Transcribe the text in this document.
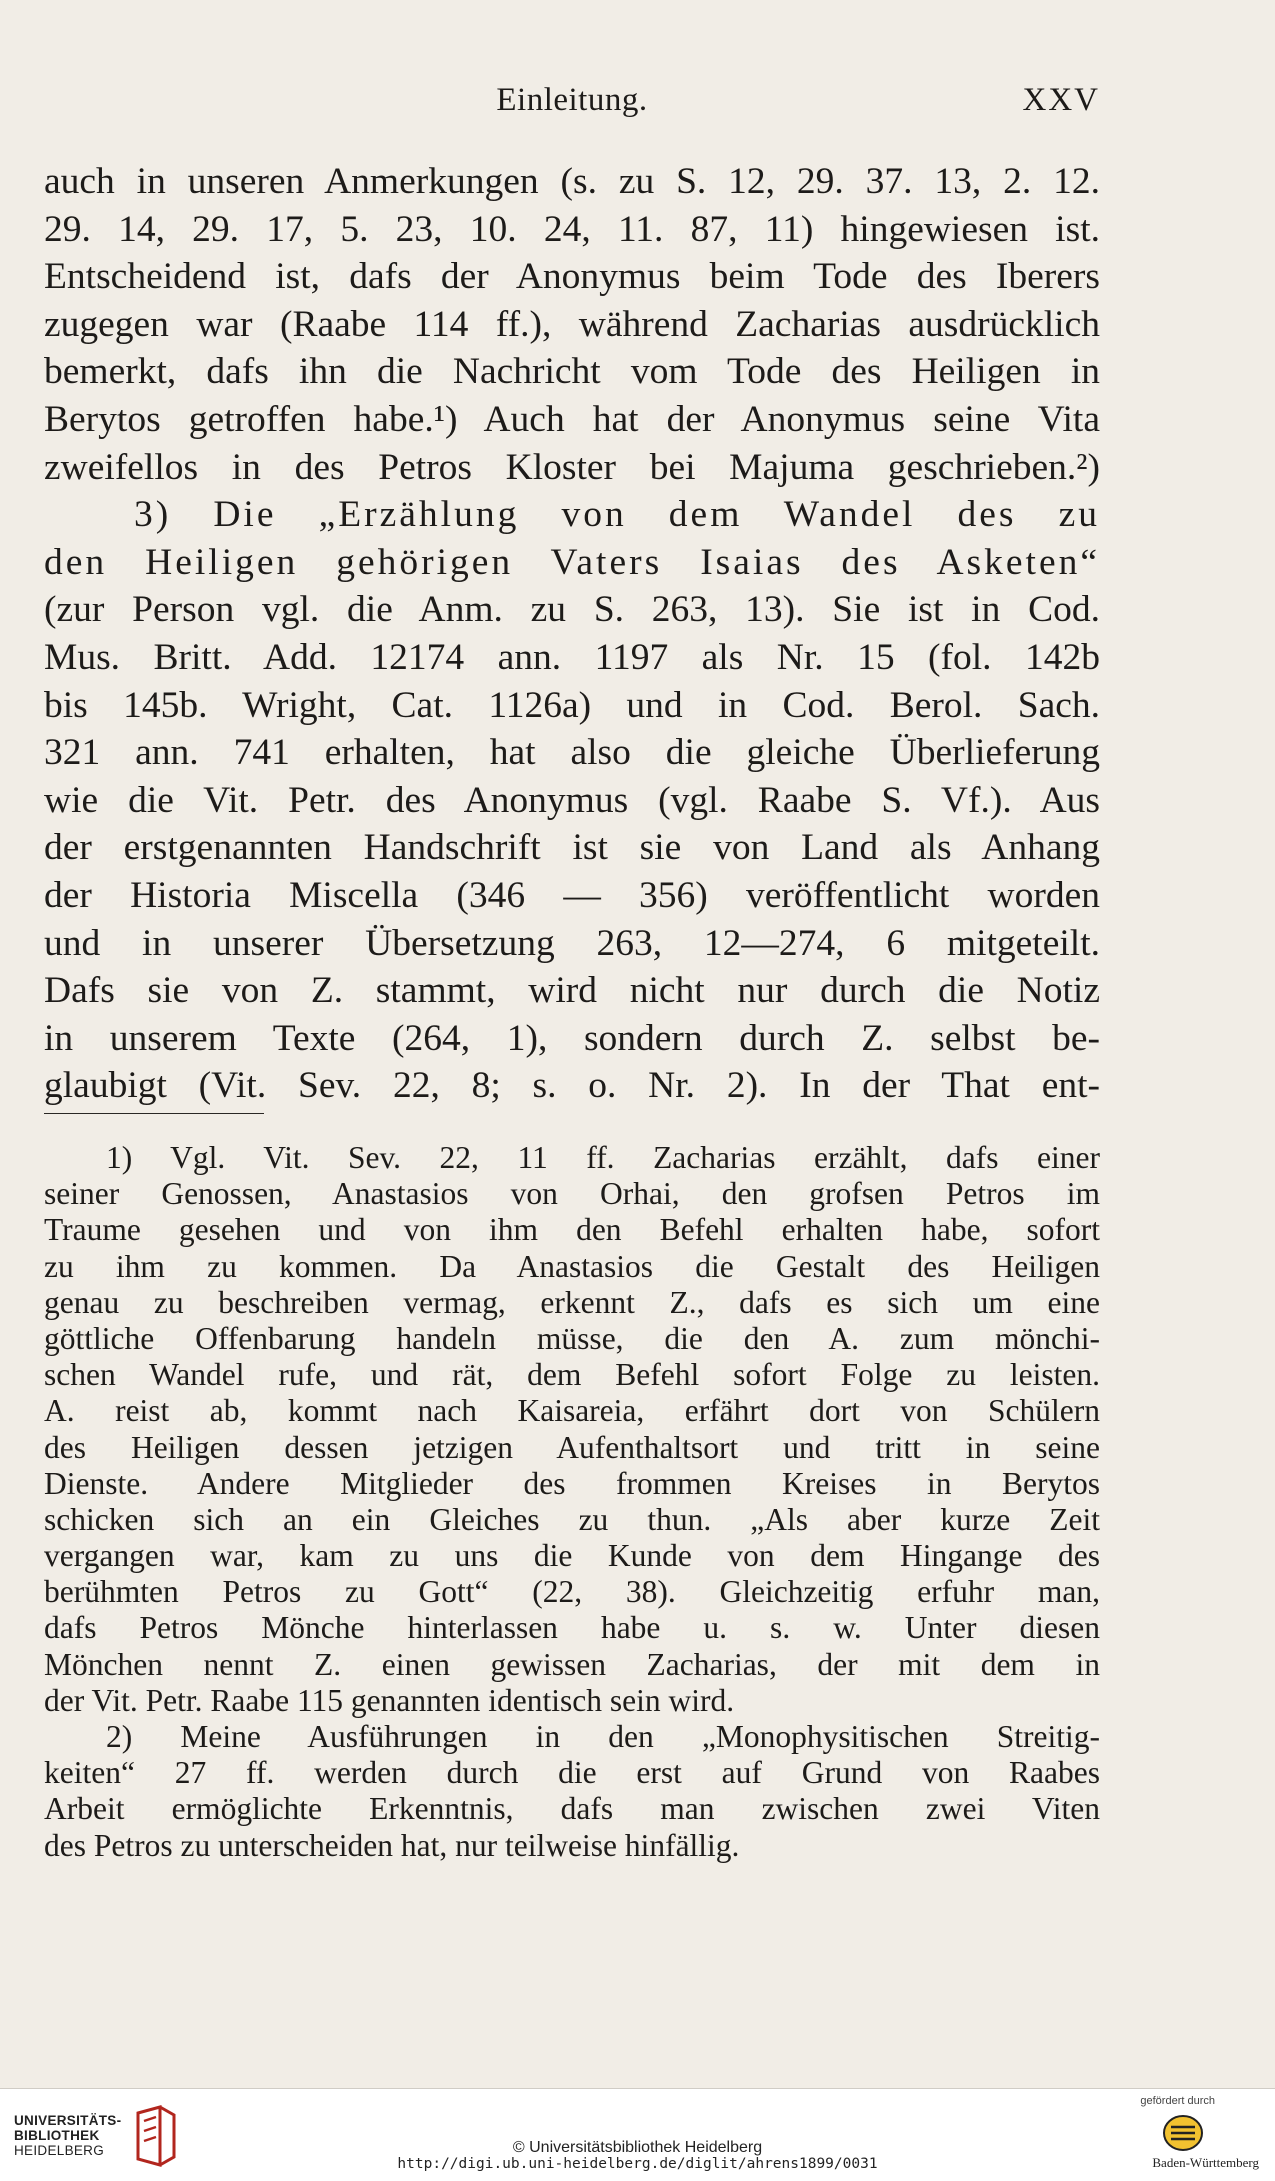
Einleitung.	XXV
auch in unseren Anmerkungen (s. zu S. 12, 29. 37. 13, 2. 12.
29. 14, 29. 17, 5. 23, 10. 24, 11. 87, 11) hingewiesen ist.
Entscheidend ist, dafs der Anonymus beim Tode des Iberers
zugegen war (Raabe 114 ff.), während Zacharias ausdrücklich
bemerkt, dafs ihn die Nachricht vom Tode des Heiligen in
Berytos getroffen habe.¹) Auch hat der Anonymus seine Vita
zweifellos in des Petros Kloster bei Majuma geschrieben.²)
3) Die „Erzählung von dem Wandel des zu
den Heiligen gehörigen Vaters Isaias des Asketen“
(zur Person vgl. die Anm. zu S. 263, 13). Sie ist in Cod.
Mus. Britt. Add. 12174 ann. 1197 als Nr. 15 (fol. 142b
bis 145b. Wright, Cat. 1126a) und in Cod. Berol. Sach.
321 ann. 741 erhalten, hat also die gleiche Überlieferung
wie die Vit. Petr. des Anonymus (vgl. Raabe S. Vf.). Aus
der erstgenannten Handschrift ist sie von Land als Anhang
der Historia Miscella (346 — 356) veröffentlicht worden
und in unserer Übersetzung 263, 12—274, 6 mitgeteilt.
Dafs sie von Z. stammt, wird nicht nur durch die Notiz
in unserem Texte (264, 1), sondern durch Z. selbst be-
glaubigt (Vit. Sev. 22, 8; s. o. Nr. 2). In der That ent-
1) Vgl. Vit. Sev. 22, 11 ff. Zacharias erzählt, dafs einer
seiner Genossen, Anastasios von Orhai, den grofsen Petros im
Traume gesehen und von ihm den Befehl erhalten habe, sofort
zu ihm zu kommen. Da Anastasios die Gestalt des Heiligen
genau zu beschreiben vermag, erkennt Z., dafs es sich um eine
göttliche Offenbarung handeln müsse, die den A. zum mönchi-
schen Wandel rufe, und rät, dem Befehl sofort Folge zu leisten.
A. reist ab, kommt nach Kaisareia, erfährt dort von Schülern
des Heiligen dessen jetzigen Aufenthaltsort und tritt in seine
Dienste. Andere Mitglieder des frommen Kreises in Berytos
schicken sich an ein Gleiches zu thun. „Als aber kurze Zeit
vergangen war, kam zu uns die Kunde von dem Hingange des
berühmten Petros zu Gott“ (22, 38). Gleichzeitig erfuhr man,
dafs Petros Mönche hinterlassen habe u. s. w. Unter diesen
Mönchen nennt Z. einen gewissen Zacharias, der mit dem in
der Vit. Petr. Raabe 115 genannten identisch sein wird.
2) Meine Ausführungen in den „Monophysitischen Streitig-
keiten“ 27 ff. werden durch die erst auf Grund von Raabes
Arbeit ermöglichte Erkenntnis, dafs man zwischen zwei Viten
des Petros zu unterscheiden hat, nur teilweise hinfällig.
UNIVERSITÄTS-
BIBLIOTHEK
HEIDELBERG	© Universitätsbibliothek Heidelberg
http://digi.ub.uni-heidelberg.de/diglit/ahrens1899/0031
gefördert durch
Baden-Württemberg
